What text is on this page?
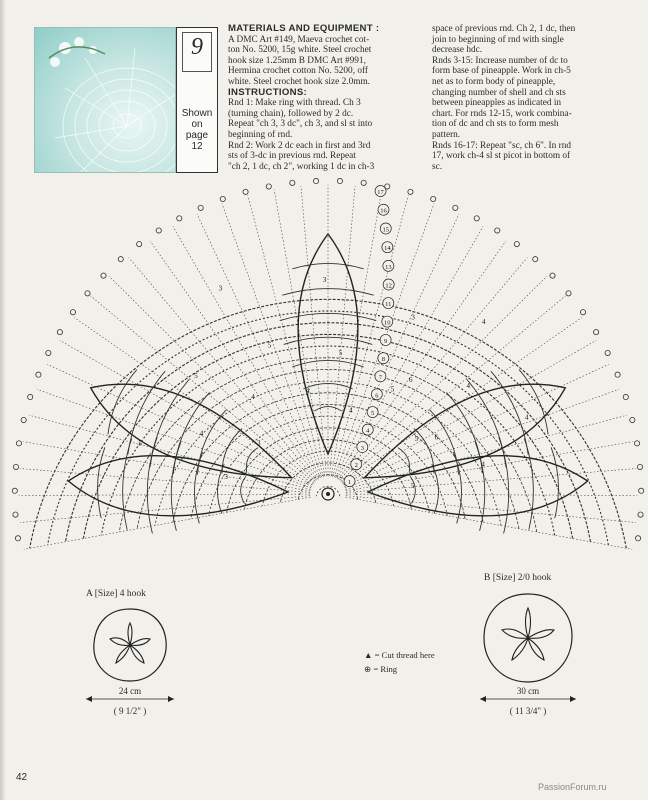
9
Shown
on
page
12
MATERIALS AND EQUIPMENT :
A DMC Art #149, Maeva crochet cot-
ton No. 5200, 15g white. Steel crochet
hook size 1.25mm B DMC Art #991,
Hermina crochet cotton No. 5200, off
white. Steel crochet hook size 2.0mm.
INSTRUCTIONS:
Rnd 1: Make ring with thread. Ch 3
(turning chain), followed by 2 dc.
Repeat "ch 3, 3 dc", ch 3, and sl st into
beginning of rnd.
Rnd 2: Work 2 dc each in first and 3rd
sts of 3-dc in previous rnd. Repeat
"ch 2, 1 dc, ch 2", working 1 dc in ch-3
space of previous rnd. Ch 2, 1 dc, then
join to beginning of rnd with single
decrease hdc.
Rnds 3-15: Increase number of dc to
form base of pineapple. Work in ch-5
net as to form body of pineapple,
changing number of shell and ch sts
between pineapples as indicated in
chart. For rnds 12-15, work combina-
tion of dc and ch sts to form mesh
pattern.
Rnds 16-17: Repeat "sc, ch 6". In rnd
17, work ch-4 sl st picot in bottom of
sc.
17
16
15
14
13
12
11
10
9
8
7
6
5
4
3
2
1	5
5
5
5
5
5
5
4
4
4
4
4
4
4
4
3
3
3
3
3
6
6
A [Size] 4 hook
24 cm
( 9 1/2" )
B [Size] 2/0 hook
30 cm
( 11 3/4" )
▲ = Cut thread here
⊕ = Ring
42
PassionForum.ru
